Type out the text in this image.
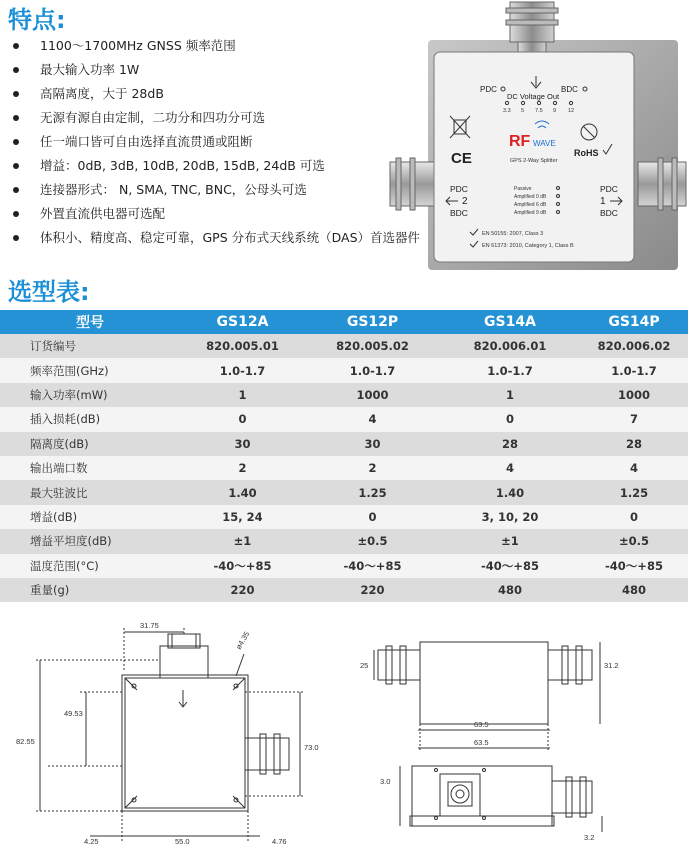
特点:
1100～1700MHz GNSS 频率范围
最大输入功率 1W
高隔离度，大于 28dB
无源有源自由定制，二功分和四功分可选
任一端口皆可自由选择直流贯通或阻断
增益：0dB, 3dB, 10dB, 20dB, 15dB, 24dB 可选
连接器形式： N, SMA, TNC, BNC，公母头可选
外置直流供电器可选配
体积小、精度高、稳定可靠，GPS 分布式天线系统（DAS）首选器件
PDC
DC Voltage Out
BDC
3.3 5 7.5 9 12
CE
RF WAVE
GPS 2-Way Splitter
RoHS
PDC
2
BDC
PDC
1
BDC
Passive
Amplified 0 dB
Amplified 6 dB
Amplified 9 dB
EN 50155: 2007, Class 3
EN 61373: 2010, Category 1, Class B
选型表:
型号	GS12A	GS12P	GS14A	GS14P
订货编号	820.005.01	820.005.02	820.006.01	820.006.02
频率范围(GHz)	1.0-1.7	1.0-1.7	1.0-1.7	1.0-1.7
输入功率(mW)	1	1000	1	1000
插入损耗(dB)	0	4	0	7
隔离度(dB)	30	30	28	28
输出端口数	2	2	4	4
最大驻波比	1.40	1.25	1.40	1.25
增益(dB)	15, 24	0	3, 10, 20	0
增益平坦度(dB)	±1	±0.5	±1	±0.5
温度范围(°C)	-40～+85	-40～+85	-40～+85	-40～+85
重量(g)	220	220	480	480
31.75
ø4.35
49.53
82.55
73.0
4.25	55.0	4.76
25	31.2
63.5
63.5
3.0
3.2
